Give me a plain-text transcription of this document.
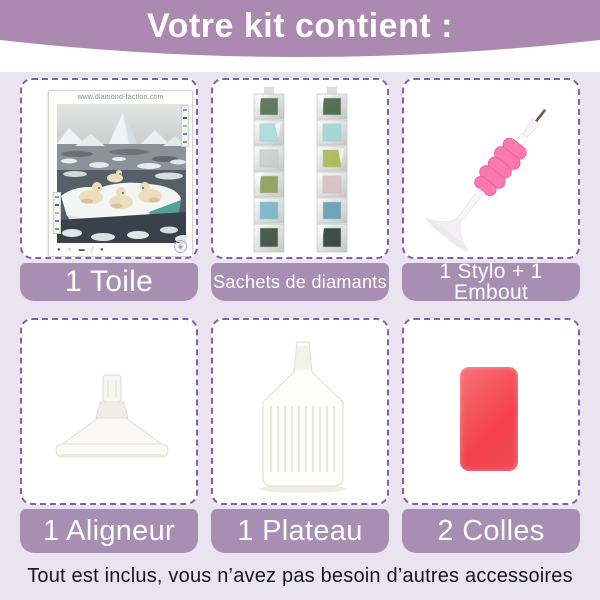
Votre kit contient :
www.diamond-faction.com
● ○ ▬ ⁄ ●	◈
1 Toile	Sachets de diamants	1 Stylo + 1 Embout
1 Aligneur	1 Plateau	2 Colles
Tout est inclus, vous n’avez pas besoin d’autres accessoires
